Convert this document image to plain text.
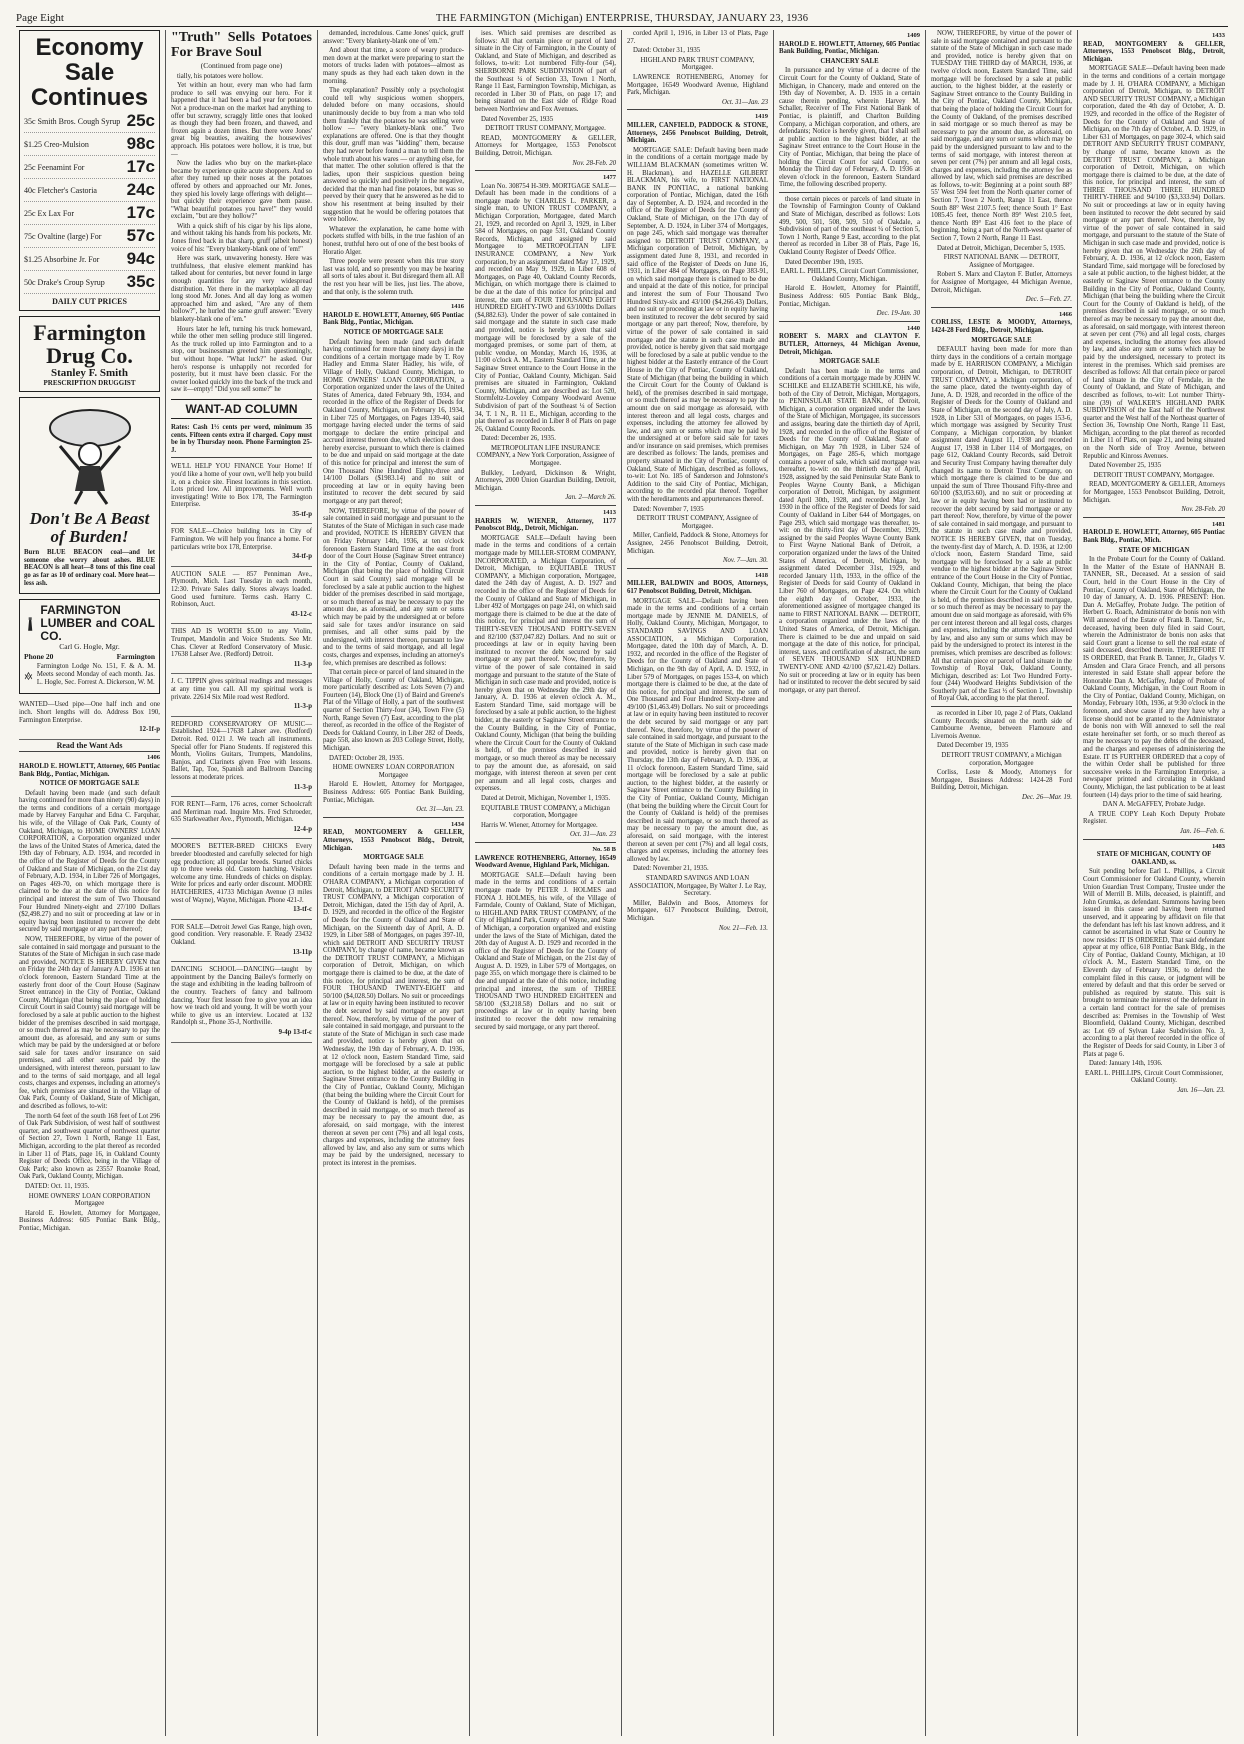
Page Eight	THE FARMINGTON (Michigan) ENTERPRISE, THURSDAY, JANUARY 23, 1936
Economy Sale Continues
35c Smith Bros. Cough Syrup 25c
$1.25 Creo-Mulsion 98c
25c Feenamint For 17c
40c Fletcher's Castoria 24c
25c Ex Lax For	17c
75c Ovaltine (large) For 57c
$1.25 Absorbine Jr. For 94c
50c Drake's Croup Syrup 35c
DAILY CUT PRICES
Farmington Drug Co.
Stanley F. Smith
PRESCRIPTION DRUGGIST
Don't Be A Beast of Burden!

Burn BLUE BEACON coal—and let someone else worry about ashes. BLUE BEACON is all heat—8 tons of this fine coal go as far as 10 of ordinary coal. More heat—less ash.

FARMINGTON LUMBER and COAL CO.
Carl G. Hogle, Mgr.
Phone 20	Farmington
G

Farmington Lodge No. 151, F. & A. M. Meets second Monday of each month. Jas. L. Hogle, Sec. Forrest A. Dickerson, W. M.

WANTED—Used pipe—One half inch and one inch. Short lengths will do. Address Box 190, Farmington Enterprise.

12-1f-p

Read the Want Ads

1406

HAROLD E. HOWLETT, Attorney, 605 Pontiac Bank Bldg., Pontiac, Michigan.

NOTICE OF MORTGAGE SALE

Default having been made (and such default having continued for more than ninety (90) days) in the terms and conditions of a certain mortgage made by Harvey Farquhar and Edna C. Farquhar, his wife, of the Village of Oak Park, County of Oakland, Michigan, to HOME OWNERS' LOAN CORPORATION, a Corporation organized under the laws of the United States of America, dated the 19th day of February, A.D. 1934, and recorded in the office of the Register of Deeds for the County of Oakland and State of Michigan, on the 21st day of February, A.D. 1934, in Liber 726 of Mortgages, on Pages 469-70, on which mortgage there is claimed to be due at the date of this notice for principal and interest the sum of Two Thousand Four Hundred Ninety-eight and 27/100 Dollars ($2,498.27) and no suit or proceeding at law or in equity having been instituted to recover the debt secured by said mortgage or any part thereof;

NOW, THEREFORE, by virtue of the power of sale contained in said mortgage and pursuant to the Statutes of the State of Michigan in such case made and provided, NOTICE IS HEREBY GIVEN that on Friday the 24th day of January A.D. 1936 at ten o'clock forenoon, Eastern Standard Time at the easterly front door of the Court House (Saginaw Street entrance) in the City of Pontiac, Oakland County, Michigan (that being the place of holding Circuit Court in said County) said mortgage will be foreclosed by a sale at public auction to the highest bidder of the premises described in said mortgage, or so much thereof as may be necessary to pay the amount due, as aforesaid, and any sum or sums which may be paid by the undersigned at or before said sale for taxes and/or insurance on said premises, and all other sums paid by the undersigned, with interest thereon, pursuant to law and to the terms of said mortgage, and all legal costs, charges and expenses, including an attorney's fee, which premises are situated in the Village of Oak Park, County of Oakland, State of Michigan, and described as follows, to-wit:

The north 64 feet of the south 168 feet of Lot 296 of Oak Park Subdivision, of west half of southwest quarter, and southwest quarter of northwest quarter of Section 27, Town 1 North, Range 11 East, Michigan, according to the plat thereof as recorded in Liber 11 of Plats, page 16, in Oakland County Register of Deeds Office, being in the Village of Oak Park; also known as 23557 Roanoke Road, Oak Park, Oakland County, Michigan.

DATED: Oct. 11, 1935.

HOME OWNERS' LOAN CORPORATION Mortgagee

Harold E. Howlett, Attorney for Mortgagee, Business Address: 605 Pontiac Bank Bldg., Pontiac, Michigan.

"Truth" Sells Potatoes For Brave Soul
(Continued from page one)

tially, his potatoes were hollow.

Yet within an hour, every man who had farm produce to sell was envying our hero. For it happened that it had been a bad year for potatoes. Not a produce-man on the market had anything to offer but scrawny, scraggly little ones that looked as though they had been frozen, and thawed, and frozen again a dozen times. But there were Jones' great big beauties, awaiting the housewives' approach. His potatoes were hollow, it is true, but—

Now the ladies who buy on the market-place became by experience quite acute shoppers. And so after they turned up their noses at the potatoes offered by others and approached our Mr. Jones, they spied his lovely large offerings with delight—but quickly their experience gave them pause. "What beautiful potatoes you have!" they would exclaim, "but are they hollow?"

With a quick shift of his cigar by his lips alone, and without taking his hands from his pockets, Mr. Jones fired back in that sharp, gruff (albeit honest) voice of his: "Every blankety-blank one of 'em!"

Here was stark, unwavering honesty. Here was truthfulness, that elusive element mankind has talked about for centuries, but never found in large enough quantities for any very widespread distribution. Yet there in the marketplace all day long stood Mr. Jones. And all day long as women approached him and asked, "Are any of them hollow?", he hurled the same gruff answer: "Every blankety-blank one of 'em."

Hours later he left, turning his truck homeward, while the other men selling produce still lingered. As the truck rolled up into Farmington and to a stop, our businessman greeted him questioningly, but without hope. "What luck?" he asked. Our hero's response is unhappily not recorded for posterity, but it must have been classic. For the owner looked quickly into the back of the truck and saw it—empty! "Did you sell some?" he

WANT-AD COLUMN

Rates: Cash 1½ cents per word, minimum 35 cents. Fifteen cents extra if charged. Copy must be in by Thursday noon. Phone Farmington 25-J.

WE'LL HELP YOU FINANCE Your Home! If you'd like a home of your own, we'll help you build it, on a choice site. Finest locations in this section. Lots priced low. All improvements. Well worth investigating! Write to Box 178, The Farmington Enterprise.

35-tf-p

FOR SALE—Choice building lots in City of Farmington. We will help you finance a home. For particulars write box 178, Enterprise.

34-tf-p

AUCTION SALE — 857 Penniman Ave., Plymouth, Mich. Last Tuesday in each month, 12:30. Private Sales daily. Stores always loaded. Good used furniture. Terms cash. Harry C. Robinson, Auct.

43-12-c

THIS AD IS WORTH $5.00 to any Violin, Trumpet, Mandolin and Voice Students. See Mr. Chas. Clever at Redford Conservatory of Music. 17638 Lahser Ave. (Redford) Detroit.

11-3-p

J. C. TIPPIN gives spiritual readings and messages at any time you call. All my spiritual work is private. 22614 Six Mile road west Redford.

11-3-p

REDFORD CONSERVATORY OF MUSIC—Established 1924—17638 Lahser ave. (Redford) Detroit. Red. 0121 J. We teach all instruments. Special offer for Piano Students. If registered this Month, Violins Guitars, Trumpets, Mandolins, Banjos, and Clarinets given Free with lessons. Ballet, Tap, Toe, Spanish and Ballroom Dancing lessons at moderate prices.

11-3-p

FOR RENT—Farm, 176 acres, corner Schoolcraft and Merriman road. Inquire Mrs. Fred Schroeder, 635 Starkweather Ave., Plymouth, Michigan.

12-4-p

MOORE'S BETTER-BRED CHICKS Every breeder bloodtested and carefully selected for high egg production; all popular breeds. Started chicks up to three weeks old. Custom hatching. Visitors welcome any time. Hundreds of chicks on display. Write for prices and early order discount. MOORE HATCHERIES, 41733 Michigan Avenue (3 miles west of Wayne), Wayne, Michigan. Phone 421-J.

13-tf-c

FOR SALE—Detroit Jewel Gas Range, high oven, good condition. Very reasonable. F. Ready 23432 Oakland.

13-11p

DANCING SCHOOL—DANCING—taught by appointment by the Dancing Bailey's formerly on the stage and exhibiting in the leading ballroom of the country. Teachers of fancy and ballroom dancing. Your first lesson free to give you an idea how we teach old and young. It will be worth your while to give us an interview. Located at 132 Randolph st., Phone 35-J, Northville.

9-4p 13-tf-c

demanded, incredulous. Came Jones' quick, gruff answer: "Every blankety-blank one of 'em."

And about that time, a score of weary produce-men down at the market were preparing to start the motors of trucks laden with potatoes—almost as many spuds as they had each taken down in the morning.

The explanation? Possibly only a psychologist could tell why suspicious women shoppers, deluded before on many occasions, should unanimously decide to buy from a man who told them frankly that the potatoes he was selling were hollow — "every blankety-blank one." Two explanations are offered. One is that they thought this dour, gruff man was "kidding" them, because they had never before found a man to tell them the whole truth about his wares — or anything else, for that matter. The other solution offered is that the ladies, upon their suspicious question being answered so quickly and positively in the negative, decided that the man had fine potatoes, but was so peeved by their query that he answered as he did to show his resentment at being insulted by their suggestion that he would be offering potatoes that were hollow.

Whatever the explanation, he came home with pockets stuffed with bills, in the true fashion of an honest, truthful hero out of one of the best books of Horatio Alger.

Three people were present when this true story last was told, and so presently you may be hearing all sorts of tales about it. But disregard them all. All the rest you hear will be lies, just lies. The above, and that only, is the solemn truth.

1416

HAROLD E. HOWLETT, Attorney, 605 Pontiac Bank Bldg., Pontiac, Michigan.

NOTICE OF MORTGAGE SALE

Default having been made (and such default having continued for more than ninety days) in the conditions of a certain mortgage made by T. Roy Hadley and Emma Slater Hadley, his wife, of Village of Holly, Oakland County, Michigan, to HOME OWNERS' LOAN CORPORATION, a Corporation organized under the laws of the United States of America, dated February 9th, 1934, and recorded in the office of the Register of Deeds for Oakland County, Michigan, on February 16, 1934, in Liber 725 of Mortgages, on Pages 139-40, said mortgage having elected under the terms of said mortgage to declare the entire principal and accrued interest thereon due, which election it does hereby exercise, pursuant to which there is claimed to be due and unpaid on said mortgage at the date of this notice for principal and interest the sum of One Thousand Nine Hundred Eighty-three and 14/100 Dollars ($1983.14) and no suit or proceeding at law or in equity having been instituted to recover the debt secured by said mortgage or any part thereof;

NOW, THEREFORE, by virtue of the power of sale contained in said mortgage and pursuant to the Statutes of the State of Michigan in such case made and provided, NOTICE IS HEREBY GIVEN that on Friday February 14th, 1936, at ten o'clock forenoon Eastern Standard Time at the east front door of the Court House (Saginaw Street entrance) in the City of Pontiac, County of Oakland, Michigan (that being the place of holding Circuit Court in said County) said mortgage will be foreclosed by a sale at public auction to the highest bidder of the premises described in said mortgage, or so much thereof as may be necessary to pay the amount due, as aforesaid, and any sum or sums which may be paid by the undersigned at or before said sale for taxes and/or insurance on said premises, and all other sums paid by the undersigned, with interest thereon, pursuant to law and to the terms of said mortgage, and all legal costs, charges and expenses, including an attorney's fee, which premises are described as follows:

That certain piece or parcel of land situated in the Village of Holly, County of Oakland, Michigan, more particularly described as: Lots Seven (7) and Fourteen (14), Block One (1) of Baird and Greene's Plat of the Village of Holly, a part of the southwest quarter of Section Thirty-four (34), Town Five (5) North, Range Seven (7) East, according to the plat thereof, as recorded in the office of the Register of Deeds for Oakland County, in Liber 282 of Deeds, page 558, also known as 203 College Street, Holly, Michigan.

DATED: October 28, 1935.

HOME OWNERS' LOAN CORPORATION Mortgagee

Harold E. Howlett, Attorney for Mortgagee, Business Address: 605 Pontiac Bank Building, Pontiac, Michigan.

Oct. 31—Jan. 23.

1434

READ, MONTGOMERY & GELLER, Attorneys, 1553 Penobscot Bldg., Detroit, Michigan.

MORTGAGE SALE

Default having been made in the terms and conditions of a certain mortgage made by J. H. O'HARA COMPANY, a Michigan corporation of Detroit, Michigan, to DETROIT AND SECURITY TRUST COMPANY, a Michigan corporation of Detroit, Michigan, dated the 15th day of April, A. D. 1929, and recorded in the office of the Register of Deeds for the County of Oakland and State of Michigan, on the Sixteenth day of April, A. D. 1929, in Liber 588 of Mortgages, on pages 397-10, which said DETROIT AND SECURITY TRUST COMPANY, by change of name, became known as the DETROIT TRUST COMPANY, a Michigan corporation of Detroit, Michigan, on which mortgage there is claimed to be due, at the date of this notice, for principal and interest, the sum of FOUR THOUSAND TWENTY-EIGHT and 50/100 ($4,028.50) Dollars. No suit or proceedings at law or in equity having been instituted to recover the debt secured by said mortgage or any part thereof. Now, therefore, by virtue of the power of sale contained in said mortgage, and pursuant to the statute of the State of Michigan in such case made and provided, notice is hereby given that on Wednesday, the 19th day of February, A. D. 1936, at 12 o'clock noon, Eastern Standard Time, said mortgage will be foreclosed by a sale at public auction, to the highest bidder, at the easterly or Saginaw Street entrance to the County Building in the City of Pontiac, Oakland County, Michigan (that being the building where the Circuit Court for the County of Oakland is held), of the premises described in said mortgage, or so much thereof as may be necessary to pay the amount due, as aforesaid, on said mortgage, with the interest thereon at seven per cent (7%) and all legal costs, charges and expenses, including the attorney fees allowed by law, and also any sum or sums which may be paid by the undersigned, necessary to protect its interest in the premises.

ises. Which said premises are described as follows: All that certain piece or parcel of land situate in the City of Farmington, in the County of Oakland, and State of Michigan, and described as follows, to-wit: Lot numbered Fifty-four (54), SHERBORNE PARK SUBDIVISION of part of the Southeast ¼ of Section 33, Town 1 North, Range 11 East, Farmington Township, Michigan, as recorded in Liber 30 of Plats, on page 17; and being situated on the East side of Ridge Road between Northview and Fox Avenues.

Dated November 25, 1935

DETROIT TRUST COMPANY, Mortgagee.

READ, MONTGOMERY & GELLER, Attorneys for Mortgagee, 1553 Penobscot Building, Detroit, Michigan.

Nov. 28-Feb. 20

1477

Loan No. 308754 H-309. MORTGAGE SALE—Default has been made in the conditions of a mortgage made by CHARLES L. PARKER, a single man, to UNION TRUST COMPANY, a Michigan Corporation, Mortgagee, dated March 21, 1929, and recorded on April 3, 1929, in Liber 584 of Mortgages, on page 531, Oakland County Records, Michigan, and assigned by said Mortgagee to METROPOLITAN LIFE INSURANCE COMPANY, a New York corporation, by an assignment dated May 17, 1929, and recorded on May 9, 1929, in Liber 608 of Mortgages, on Page 40, Oakland County Records, Michigan, on which mortgage there is claimed to be due at the date of this notice for principal and interest, the sum of FOUR THOUSAND EIGHT HUNDRED EIGHTY-TWO and 63/100ths Dollars ($4,882.63). Under the power of sale contained in said mortgage and the statute in such case made and provided, notice is hereby given that said mortgage will be foreclosed by a sale of the mortgaged premises, or some part of them, at public vendue, on Monday, March 16, 1936, at 11:00 o'clock A. M., Eastern Standard Time, at the Saginaw Street entrance to the Court House in the City of Pontiac, Oakland County, Michigan. Said premises are situated in Farmington, Oakland County, Michigan, and are described as: Lot 520, Stormfeltz-Loveley Company Woodward Avenue Subdivision of part of the Southeast ¼ of Section 34, T. 1 N., R. 11 E., Michigan, according to the plat thereof as recorded in Liber 8 of Plats on page 26, Oakland County Records.

Dated: December 26, 1935.

METROPOLITAN LIFE INSURANCE COMPANY, a New York Corporation, Assignee of Mortgagee.

Bulkley, Ledyard, Dickinson & Wright, Attorneys, 2000 Union Guardian Building, Detroit, Michigan.

Jan. 2—March 26.

1413

HARRIS W. WIENER, Attorney, 1177 Penobscot Bldg., Detroit, Michigan.

MORTGAGE SALE—Default having been made in the terms and conditions of a certain mortgage made by MILLER-STORM COMPANY, INCORPORATED, a Michigan Corporation, of Detroit, Michigan, to EQUITABLE TRUST COMPANY, a Michigan corporation, Mortgagee, dated the 24th day of August, A. D. 1927 and recorded in the office of the Register of Deeds for the County of Oakland and State of Michigan, in Liber 492 of Mortgages on page 241, on which said mortgage there is claimed to be due at the date of this notice, for principal and interest the sum of THIRTY-SEVEN THOUSAND FORTY-SEVEN and 82/100 ($37,047.82) Dollars. And no suit or proceedings at law or in equity having been instituted to recover the debt secured by said mortgage or any part thereof. Now, therefore, by virtue of the power of sale contained in said mortgage and pursuant to the statute of the State of Michigan in such case made and provided, notice is hereby given that on Wednesday the 29th day of January, A. D. 1936 at eleven o'clock A. M., Eastern Standard Time, said mortgage will be foreclosed by a sale at public auction, to the highest bidder, at the easterly or Saginaw Street entrance to the County Building, in the City of Pontiac, Oakland County, Michigan (that being the building where the Circuit Court for the County of Oakland is held), of the premises described in said mortgage, or so much thereof as may be necessary to pay the amount due, as aforesaid, on said mortgage, with interest thereon at seven per cent per annum and all legal costs, charges and expenses.

Dated at Detroit, Michigan, November 1, 1935.

EQUITABLE TRUST COMPANY, a Michigan corporation, Mortgagee

Harris W. Wiener, Attorney for Mortgagee.

Oct. 31—Jan. 23

No. 58 B

LAWRENCE ROTHENBERG, Attorney, 16549 Woodward Avenue, Highland Park, Michigan.

MORTGAGE SALE—Default having been made in the terms and conditions of a certain mortgage made by PETER J. HOLMES and FIONA J. HOLMES, his wife, of the Village of Farmdale, County of Oakland, State of Michigan, to HIGHLAND PARK TRUST COMPANY, of the City of Highland Park, County of Wayne, and State of Michigan, a corporation organized and existing under the laws of the State of Michigan, dated the 20th day of August A. D. 1929 and recorded in the office of the Register of Deeds for the County of Oakland and State of Michigan, on the 21st day of August A. D. 1929, in Liber 579 of Mortgages, on page 355, on which mortgage there is claimed to be due and unpaid at the date of this notice, including principal and interest, the sum of THREE THOUSAND TWO HUNDRED EIGHTEEN and 58/100 ($3,218.58) Dollars and no suit or proceedings at law or in equity having been instituted to recover the debt now remaining secured by said mortgage, or any part thereof.

corded April 1, 1916, in Liber 13 of Plats, Page 27.

Dated: October 31, 1935

HIGHLAND PARK TRUST COMPANY, Mortgagee.

LAWRENCE ROTHENBERG, Attorney for Mortgagee, 16549 Woodward Avenue, Highland Park, Michigan.

Oct. 31—Jan. 23

1419

MILLER, CANFIELD, PADDOCK & STONE, Attorneys, 2456 Penobscot Building, Detroit, Michigan.

MORTGAGE SALE: Default having been made in the conditions of a certain mortgage made by WILLIAM BLACKMAN (sometimes written W. H. Blackman), and HAZELLE GILBERT BLACKMAN, his wife, to FIRST NATIONAL BANK IN PONTIAC, a national banking corporation of Pontiac, Michigan, dated the 16th day of September, A. D. 1924, and recorded in the office of the Register of Deeds for the County of Oakland, State of Michigan, on the 17th day of September, A. D. 1924, in Liber 374 of Mortgages, on page 245, which said mortgage was thereafter assigned to DETROIT TRUST COMPANY, a Michigan corporation of Detroit, Michigan, by assignment dated June 8, 1931, and recorded in said office of the Register of Deeds on June 16, 1931, in Liber 484 of Mortgages, on Page 383-91, on which said mortgage there is claimed to be due and unpaid at the date of this notice, for principal and interest the sum of Four Thousand Two Hundred Sixty-six and 43/100 ($4,266.43) Dollars, and no suit or proceeding at law or in equity having been instituted to recover the debt secured by said mortgage or any part thereof; Now, therefore, by virtue of the power of sale contained in said mortgage and the statute in such case made and provided, notice is hereby given that said mortgage will be foreclosed by a sale at public vendue to the highest bidder at the Easterly entrance of the Court House in the City of Pontiac, County of Oakland, State of Michigan (that being the building in which the Circuit Court for the County of Oakland is held), of the premises described in said mortgage, or so much thereof as may be necessary to pay the amount due on said mortgage as aforesaid, with interest thereon and all legal costs, charges and expenses, including the attorney fee allowed by law, and any sum or sums which may be paid by the undersigned at or before said sale for taxes and/or insurance on said premises, which premises are described as follows: The lands, premises and property situated in the City of Pontiac, county of Oakland, State of Michigan, described as follows, to-wit: Lot No. 185 of Sanderson and Johnstone's Addition to the said City of Pontiac, Michigan, according to the recorded plat thereof. Together with the hereditaments and appurtenances thereof.

Dated: November 7, 1935

DETROIT TRUST COMPANY, Assignee of Mortgagee.

Miller, Canfield, Paddock & Stone, Attorneys for Assignee, 2456 Penobscot Building, Detroit, Michigan.

Nov. 7—Jan. 30.

1418

MILLER, BALDWIN and BOOS, Attorneys, 617 Penobscot Building, Detroit, Michigan.

MORTGAGE SALE—Default having been made in the terms and conditions of a certain mortgage made by JENNIE M. DANIELS, of Holly, Oakland County, Michigan, Mortgagor, to STANDARD SAVINGS AND LOAN ASSOCIATION, a Michigan Corporation, Mortgagee, dated the 10th day of March, A. D. 1932, and recorded in the office of the Register of Deeds for the County of Oakland and State of Michigan, on the 9th day of April, A. D. 1932, in Liber 579 of Mortgages, on pages 153-4, on which mortgage there is claimed to be due, at the date of this notice, for principal and interest, the sum of One Thousand and Four Hundred Sixty-three and 49/100 ($1,463.49) Dollars. No suit or proceedings at law or in equity having been instituted to recover the debt secured by said mortgage or any part thereof. Now, therefore, by virtue of the power of sale contained in said mortgage, and pursuant to the statute of the State of Michigan in such case made and provided, notice is hereby given that on Thursday, the 13th day of February, A. D. 1936, at 11 o'clock forenoon, Eastern Standard Time, said mortgage will be foreclosed by a sale at public auction, to the highest bidder, at the easterly or Saginaw Street entrance to the County Building in the City of Pontiac, Oakland County, Michigan (that being the building where the Circuit Court for the County of Oakland is held) of the premises described in said mortgage, or so much thereof as may be necessary to pay the amount due, as aforesaid, on said mortgage, with the interest thereon at seven per cent (7%) and all legal costs, charges and expenses, including the attorney fees allowed by law.

Dated: November 21, 1935.

STANDARD SAVINGS AND LOAN ASSOCIATION, Mortgagee, By Walter J. Le Ray, Secretary.

Miller, Baldwin and Boos, Attorneys for Mortgagee, 617 Penobscot Building, Detroit, Michigan.

Nov. 21—Feb. 13.

1409

HAROLD E. HOWLETT, Attorney, 605 Pontiac Bank Building, Pontiac, Michigan.

CHANCERY SALE

In pursuance and by virtue of a decree of the Circuit Court for the County of Oakland, State of Michigan, in Chancery, made and entered on the 19th day of November, A. D. 1935 in a certain cause therein pending, wherein Harvey M. Schaller, Receiver of The First National Bank of Pontiac, is plaintiff, and Charlton Building Company, a Michigan corporation, and others, are defendants; Notice is hereby given, that I shall sell at public auction to the highest bidder, at the Saginaw Street entrance to the Court House in the City of Pontiac, Michigan, that being the place of holding the Circuit Court for said County, on Monday the Third day of February, A. D. 1936 at eleven o'clock in the forenoon, Eastern Standard Time, the following described property.

those certain pieces or parcels of land situate in the Township of Farmington County of Oakland and State of Michigan, described as follows: Lots 499, 500, 501, 508, 509, 510 of Oakdale, a Subdivision of part of the southeast ¼ of Section 5, Town 1 North, Range 9 East, according to the plat thereof as recorded in Liber 38 of Plats, Page 16, Oakland County Register of Deeds' Office.

Dated December 19th, 1935.

EARL L. PHILLIPS, Circuit Court Commissioner, Oakland County, Michigan.

Harold E. Howlett, Attorney for Plaintiff, Business Address: 605 Pontiac Bank Bldg., Pontiac, Michigan.

Dec. 19-Jan. 30

1440

ROBERT S. MARX and CLAYTON F. BUTLER, Attorneys, 44 Michigan Avenue, Detroit, Michigan.

MORTGAGE SALE

Default has been made in the terms and conditions of a certain mortgage made by JOHN W. SCHILKE and ELIZABETH SCHILKE, his wife, both of the City of Detroit, Michigan, Mortgagors, to PENINSULAR STATE BANK, of Detroit, Michigan, a corporation organized under the laws of the State of Michigan, Mortgagee, its successors and assigns, bearing date the thirtieth day of April, 1928, and recorded in the office of the Register of Deeds for the County of Oakland, State of Michigan, on May 7th 1928, in Liber 524 of Mortgages, on Page 285-6, which mortgage contains a power of sale, which said mortgage was thereafter, to-wit: on the thirtieth day of April, 1928, assigned by the said Peninsular State Bank to Peoples Wayne County Bank, a Michigan corporation of Detroit, Michigan, by assignment dated April 30th, 1928, and recorded May 3rd, 1930 in the office of the Register of Deeds for said County of Oakland in Liber 644 of Mortgages, on Page 293, which said mortgage was thereafter, to-wit: on the thirty-first day of December, 1929, assigned by the said Peoples Wayne County Bank to First Wayne National Bank of Detroit, a corporation organized under the laws of the United States of America, of Detroit, Michigan, by assignment dated December 31st, 1929, and recorded January 11th, 1933, in the office of the Register of Deeds for said County of Oakland in Liber 760 of Mortgages, on Page 424. On which the eighth day of October, 1933, the aforementioned assignee of mortgagee changed its name to FIRST NATIONAL BANK — DETROIT, a corporation organized under the laws of the United States of America, of Detroit, Michigan. There is claimed to be due and unpaid on said mortgage at the date of this notice, for principal, interest, taxes, and certification of abstract, the sum of SEVEN THOUSAND SIX HUNDRED TWENTY-ONE AND 42/100 ($7,621.42) Dollars. No suit or proceeding at law or in equity has been had or instituted to recover the debt secured by said mortgage, or any part thereof.

NOW, THEREFORE, by virtue of the power of sale in said mortgage contained and pursuant to the statute of the State of Michigan in such case made and provided, notice is hereby given that on TUESDAY THE THIRD day of MARCH, 1936, at twelve o'clock noon, Eastern Standard Time, said mortgage will be foreclosed by a sale at public auction, to the highest bidder, at the easterly or Saginaw Street entrance to the County Building in the City of Pontiac, Oakland County, Michigan, that being the place of holding the Circuit Court for the County of Oakland, of the premises described in said mortgage or so much thereof as may be necessary to pay the amount due, as aforesaid, on said mortgage, and any sum or sums which may be paid by the undersigned pursuant to law and to the terms of said mortgage, with interest thereon at seven per cent (7%) per annum and all legal costs, charges and expenses, including the attorney fee as allowed by law, which said premises are described as follows, to-wit: Beginning at a point south 88° 55' West 594 feet from the North quarter corner of Section 7, Town 2 North, Range 11 East, thence South 88° West 2107.5 feet; thence South 1° East 1085.45 feet, thence North 89° West 210.5 feet, thence North 89° East 416 feet to the place of beginning, being a part of the North-west quarter of Section 7, Town 2 North, Range 11 East.

Dated at Detroit, Michigan, December 5, 1935.

FIRST NATIONAL BANK — DETROIT, Assignee of Mortgagee.

Robert S. Marx and Clayton F. Butler, Attorneys for Assignee of Mortgagee, 44 Michigan Avenue, Detroit, Michigan.

Dec. 5—Feb. 27.

1466

CORLISS, LESTE & MOODY, Attorneys, 1424-28 Ford Bldg., Detroit, Michigan.

MORTGAGE SALE

DEFAULT having been made for more than thirty days in the conditions of a certain mortgage made by E. HARRISON COMPANY, a Michigan corporation, of Detroit, Michigan, to DETROIT TRUST COMPANY, a Michigan corporation, of the same place, dated the twenty-eighth day of June, A. D. 1928, and recorded in the office of the Register of Deeds for the County of Oakland and State of Michigan, on the second day of July, A. D. 1928, in Liber 531 of Mortgages, on pages 153-6, which mortgage was assigned by Security Trust Company, a Michigan corporation, by blanket assignment dated August 11, 1938 and recorded August 17, 1938 in Liber 114 of Mortgages, on page 612, Oakland County Records, said Detroit and Security Trust Company having thereafter duly changed its name to Detroit Trust Company, on which mortgage there is claimed to be due and unpaid the sum of Three Thousand Fifty-three and 60/100 ($3,053.60), and no suit or proceeding at law or in equity having been had or instituted to recover the debt secured by said mortgage or any part thereof: Now, therefore, by virtue of the power of sale contained in said mortgage, and pursuant to the statute in such case made and provided, NOTICE IS HEREBY GIVEN, that on Tuesday, the twenty-first day of March, A. D. 1936, at 12:00 o'clock noon, Eastern Standard Time, said mortgage will be foreclosed by a sale at public vendue to the highest bidder at the Saginaw Street entrance of the Court House in the City of Pontiac, Oakland County, Michigan, that being the place where the Circuit Court for the County of Oakland is held, of the premises described in said mortgage, or so much thereof as may be necessary to pay the amount due on said mortgage as aforesaid, with 6% per cent interest thereon and all legal costs, charges and expenses, including the attorney fees allowed by law, and also any sum or sums which may be paid by the undersigned to protect its interest in the premises, which premises are described as follows: All that certain piece or parcel of land situate in the Township of Royal Oak, Oakland County, Michigan, described as: Lot Two Hundred Forty-four (244) Woodward Heights Subdivision of the Southerly part of the East ½ of Section 1, Township of Royal Oak, according to the plat thereof.

as recorded in Liber 10, page 2 of Plats, Oakland County Records; situated on the north side of Cambourne Avenue, between Flamoure and Livernois Avenue.

Dated December 19, 1935

DETROIT TRUST COMPANY, a Michigan corporation, Mortgagee

Corliss, Leste & Moody, Attorneys for Mortgagee, Business Address: 1424-28 Ford Building, Detroit, Michigan.

Dec. 26—Mar. 19.

1433

READ, MONTGOMERY & GELLER, Attorneys, 1553 Penobscot Bldg., Detroit, Michigan.

MORTGAGE SALE—Default having been made in the terms and conditions of a certain mortgage made by J. H. O'HARA COMPANY, a Michigan corporation of Detroit, Michigan, to DETROIT AND SECURITY TRUST COMPANY, a Michigan corporation, dated the 4th day of October, A. D. 1929, and recorded in the office of the Register of Deeds for the County of Oakland and State of Michigan, on the 7th day of October, A. D. 1929, in Liber 631 of Mortgages, on page 302-4, which said DETROIT AND SECURITY TRUST COMPANY, by change of name, became known as the DETROIT TRUST COMPANY, a Michigan corporation of Detroit, Michigan, on which mortgage there is claimed to be due, at the date of this notice, for principal and interest, the sum of THREE THOUSAND THREE HUNDRED THIRTY-THREE and 94/100 ($3,333.94) Dollars. No suit or proceedings at law or in equity having been instituted to recover the debt secured by said mortgage or any part thereof. Now, therefore, by virtue of the power of sale contained in said mortgage, and pursuant to the statute of the State of Michigan in such case made and provided, notice is hereby given that on Wednesday the 26th day of February, A. D. 1936, at 12 o'clock noon, Eastern Standard Time, said mortgage will be foreclosed by a sale at public auction, to the highest bidder, at the easterly or Saginaw Street entrance to the County Building in the City of Pontiac, Oakland County, Michigan (that being the building where the Circuit Court for the County of Oakland is held), of the premises described in said mortgage, or so much thereof as may be necessary to pay the amount due, as aforesaid, on said mortgage, with interest thereon at seven per cent (7%) and all legal costs, charges and expenses, including the attorney fees allowed by law, and also any sum or sums which may be paid by the undersigned, necessary to protect its interest in the premises. Which said premises are described as follows: All that certain piece or parcel of land situate in the City of Ferndale, in the County of Oakland, and State of Michigan, and described as follows, to-wit: Lot number Thirty-nine (39) of WALKER'S HIGHLAND PARK SUBDIVISION of the East half of the Northwest quarter and the West half of the Northeast quarter of Section 36, Township One North, Range 11 East, Michigan, according to the plat thereof as recorded in Liber 11 of Plats, on page 21, and being situated on the North side of Troy Avenue, between Republic and Kinross Avenues.

Dated November 25, 1935

DETROIT TRUST COMPANY, Mortgagee.

READ, MONTGOMERY & GELLER, Attorneys for Mortgagee, 1553 Penobscot Building, Detroit, Michigan.

Nov. 28-Feb. 20

1481

HAROLD E. HOWLETT, Attorney, 605 Pontiac Bank Bldg., Pontiac, Mich.

STATE OF MICHIGAN

In the Probate Court for the County of Oakland. In the Matter of the Estate of HANNAH B. TANNER, SR., Deceased. At a session of said Court, held in the Court House in the City of Pontiac, County of Oakland, State of Michigan, the 10 day of January, A. D. 1936. PRESENT: Hon. Dan A. McGaffey, Probate Judge. The petition of Herbert G. Roach, Administrator de bonis non with Will annexed of the Estate of Frank B. Tanner, Sr., deceased, having been duly filed in said Court, wherein the Administrator de bonis non asks that said Court grant a license to sell the real estate of said deceased, described therein. THEREFORE IT IS ORDERED, that Frank B. Tanner, Jr., Gladys V. Amsden and Clara Grace French, and all persons interested in said Estate shall appear before the Honorable Dan A. McGaffey, Judge of Probate of Oakland County, Michigan, in the Court Room in the City of Pontiac, Oakland County, Michigan, on Monday, February 10th, 1936, at 9:30 o'clock in the forenoon, and show cause if any they have why a license should not be granted to the Administrator de bonis non with Will annexed to sell the real estate hereinafter set forth, or so much thereof as may be necessary to pay the debts of the deceased, and the charges and expenses of administering the Estate. IT IS FURTHER ORDERED that a copy of the within Order shall be published for three successive weeks in the Farmington Enterprise, a newspaper printed and circulating in Oakland County, Michigan, the last publication to be at least fourteen (14) days prior to the time of said hearing.

DAN A. McGAFFEY, Probate Judge.

A TRUE COPY Leah Koch Deputy Probate Register.

Jan. 16—Feb. 6.

1483

STATE OF MICHIGAN, COUNTY OF OAKLAND, ss.

Suit pending before Earl L. Phillips, a Circuit Court Commissioner for Oakland County, wherein Union Guardian Trust Company, Trustee under the Will of Merrill B. Mills, deceased, is plaintiff, and John Grumka, as defendant. Summons having been issued in this cause and having been returned unserved, and it appearing by affidavit on file that the defendant has left his last known address, and it cannot be ascertained in what State or Country he now resides: IT IS ORDERED, That said defendant appear at my office, 618 Pontiac Bank Bldg., in the City of Pontiac, Oakland County, Michigan, at 10 o'clock A. M., Eastern Standard Time, on the Eleventh day of February 1936, to defend the complaint filed in this cause, or judgment will be entered by default and that this order be served or published as required by statute. This suit is brought to terminate the interest of the defendant in a certain land contract for the sale of premises described as: Premises in the Township of West Bloomfield, Oakland County, Michigan, described as: Lot 69 of Sylvan Lake Subdivision No. 3, according to a plat thereof recorded in the office of the Register of Deeds for said County, in Liber 3 of Plats at page 6.

Dated: January 14th, 1936.

EARL L. PHILLIPS, Circuit Court Commissioner, Oakland County.

Jan. 16—Jan. 23.
